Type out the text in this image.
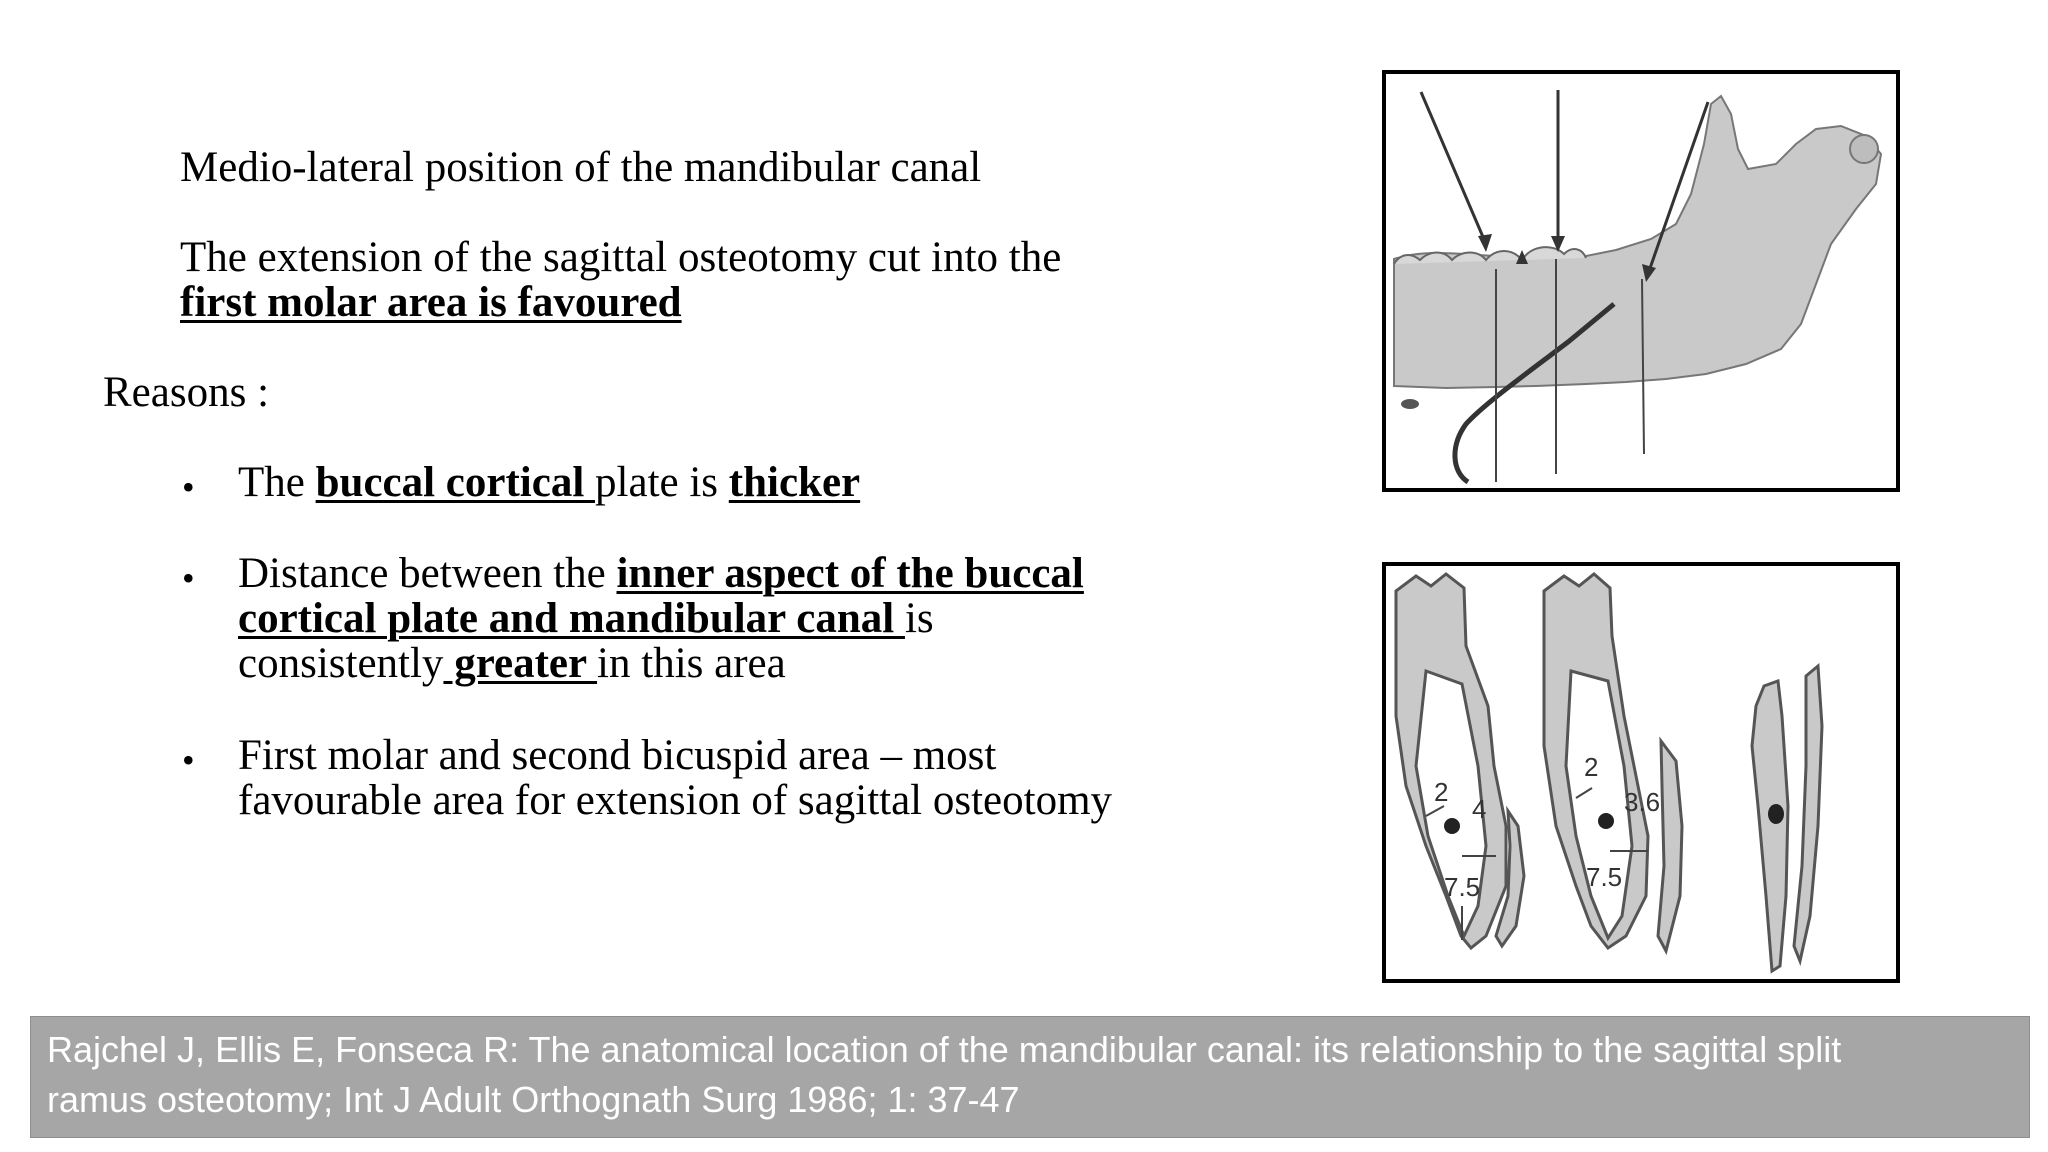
Medio-lateral position of the mandibular canal
The extension of the sagittal osteotomy cut into the
first molar area is favoured
Reasons :
• The buccal cortical plate is thicker
• Distance between the inner aspect of the buccal
cortical plate and mandibular canal is
consistently greater in this area
• First molar and second bicuspid area – most
favourable area for extension of sagittal osteotomy	2
4
7.5
2
3.6
7.5
Rajchel J, Ellis E, Fonseca R: The anatomical location of the mandibular canal: its relationship to the sagittal split
ramus osteotomy; Int J Adult Orthognath Surg 1986; 1: 37-47
